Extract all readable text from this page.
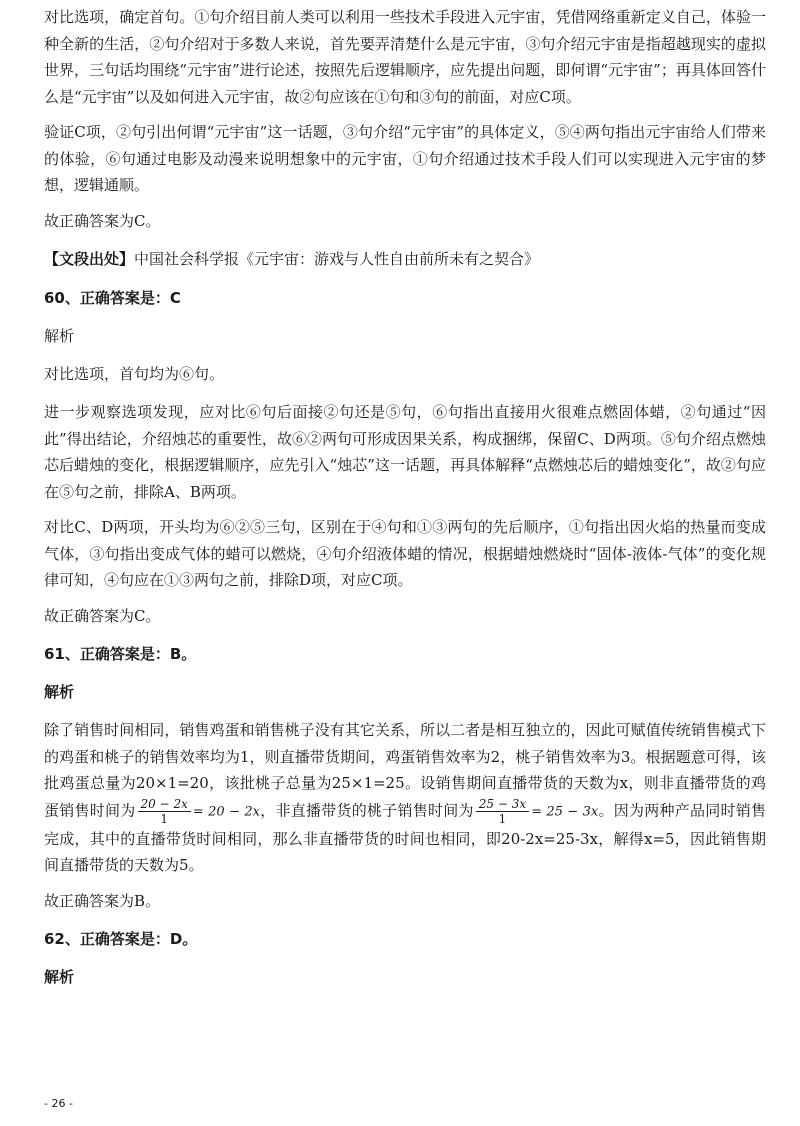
对比选项，确定首句。①句介绍目前人类可以利用一些技术手段进入元宇宙，凭借网络重新定义自己，体验一种全新的生活，②句介绍对于多数人来说，首先要弄清楚什么是元宇宙，③句介绍元宇宙是指超越现实的虚拟世界，三句话均围绕“元宇宙”进行论述，按照先后逻辑顺序，应先提出问题，即何谓“元宇宙”；再具体回答什么是“元宇宙”以及如何进入元宇宙，故②句应该在①句和③句的前面，对应C项。

验证C项，②句引出何谓“元宇宙”这一话题，③句介绍“元宇宙”的具体定义，⑤④两句指出元宇宙给人们带来的体验，⑥句通过电影及动漫来说明想象中的元宇宙，①句介绍通过技术手段人们可以实现进入元宇宙的梦想，逻辑通顺。

故正确答案为C。

【文段出处】中国社会科学报《元宇宙：游戏与人性自由前所未有之契合》

60、正确答案是：C

解析

对比选项，首句均为⑥句。

进一步观察选项发现，应对比⑥句后面接②句还是⑤句，⑥句指出直接用火很难点燃固体蜡，②句通过“因此”得出结论，介绍烛芯的重要性，故⑥②两句可形成因果关系，构成捆绑，保留C、D两项。⑤句介绍点燃烛芯后蜡烛的变化，根据逻辑顺序，应先引入“烛芯”这一话题，再具体解释“点燃烛芯后的蜡烛变化”，故②句应在⑤句之前，排除A、B两项。

对比C、D两项，开头均为⑥②⑤三句，区别在于④句和①③两句的先后顺序，①句指出因火焰的热量而变成气体，③句指出变成气体的蜡可以燃烧，④句介绍液体蜡的情况，根据蜡烛燃烧时“固体-液体-气体”的变化规律可知，④句应在①③两句之前，排除D项，对应C项。

故正确答案为C。

61、正确答案是：B。

解析

除了销售时间相同，销售鸡蛋和销售桃子没有其它关系，所以二者是相互独立的，因此可赋值传统销售模式下的鸡蛋和桃子的销售效率均为1，则直播带货期间，鸡蛋销售效率为2，桃子销售效率为3。根据题意可得，该批鸡蛋总量为20×1=20，该批桃子总量为25×1=25。设销售期间直播带货的天数为x，则非直播带货的鸡蛋销售时间为 $\frac{20 - 2x}{1} = 20 - 2x$，非直播带货的桃子销售时间为 $\frac{25 - 3x}{1} = 25 - 3x$。因为两种产品同时销售完成，其中的直播带货时间相同，那么非直播带货的时间也相同，即20-2x=25-3x，解得x=5，因此销售期间直播带货的天数为5。

故正确答案为B。

62、正确答案是：D。

解析

- 26 -
